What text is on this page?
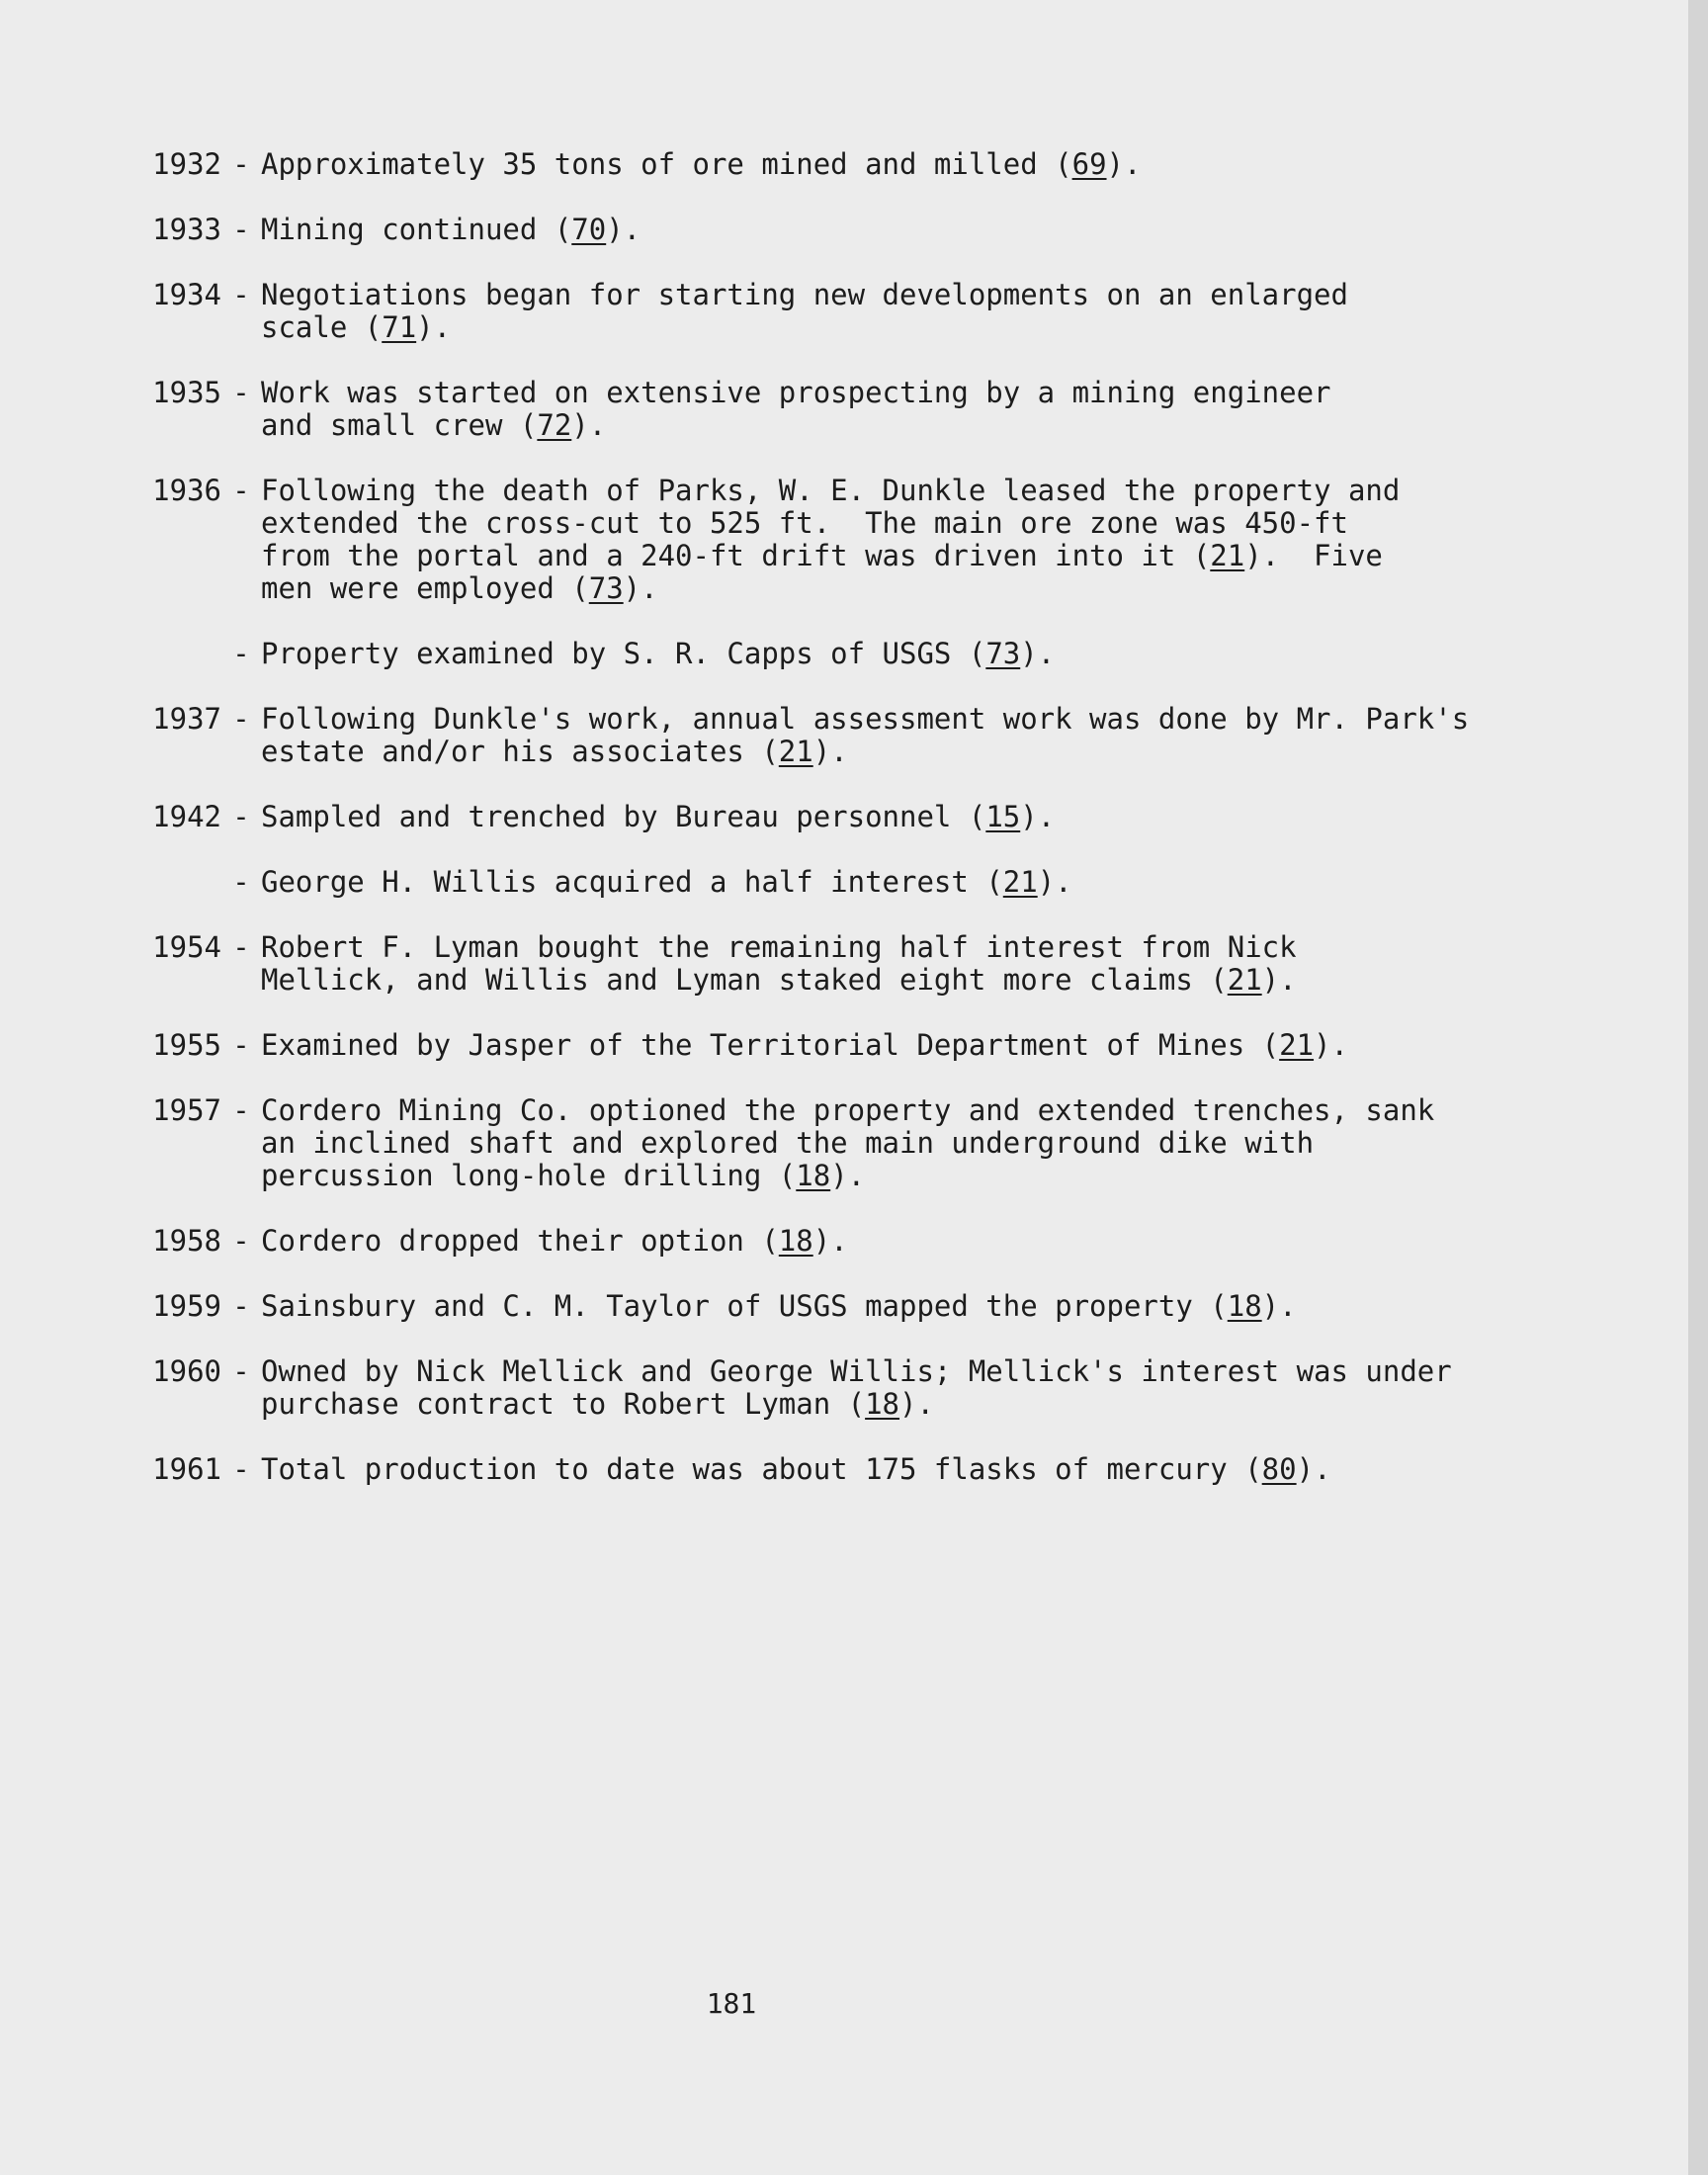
1932 - Approximately 35 tons of ore mined and milled (69).
1933 - Mining continued (70).
1934 - Negotiations began for starting new developments on an enlarged
scale (71).
1935 - Work was started on extensive prospecting by a mining engineer
and small crew (72).
1936 - Following the death of Parks, W. E. Dunkle leased the property and
extended the cross-cut to 525 ft.  The main ore zone was 450-ft
from the portal and a 240-ft drift was driven into it (21).  Five
men were employed (73).
- Property examined by S. R. Capps of USGS (73).
1937 - Following Dunkle's work, annual assessment work was done by Mr. Park's
estate and/or his associates (21).
1942 - Sampled and trenched by Bureau personnel (15).
- George H. Willis acquired a half interest (21).
1954 - Robert F. Lyman bought the remaining half interest from Nick
Mellick, and Willis and Lyman staked eight more claims (21).
1955 - Examined by Jasper of the Territorial Department of Mines (21).
1957 - Cordero Mining Co. optioned the property and extended trenches, sank
an inclined shaft and explored the main underground dike with
percussion long-hole drilling (18).
1958 - Cordero dropped their option (18).
1959 - Sainsbury and C. M. Taylor of USGS mapped the property (18).
1960 - Owned by Nick Mellick and George Willis; Mellick's interest was under
purchase contract to Robert Lyman (18).
1961 - Total production to date was about 175 flasks of mercury (80).
181
